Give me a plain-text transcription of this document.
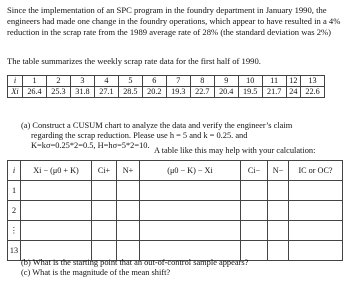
Since the implementation of an SPC program in the foundry department in January 1990, the engineers had made one change in the foundry operations, which appear to have resulted in a 4% reduction in the scrap rate from the 1989 average rate of 28% (the standard deviation was 2%)
The table summarizes the weekly scrap rate data for the first half of 1990.
i	1	2	3	4	5	6	7	8	9	10	11	12	13
Xi	26.4	25.3	31.8	27.1	28.5	20.2	19.3	22.7	20.4	19.5	21.7	24	22.6
(a) Construct a CUSUM chart to analyze the data and verify the engineer’s claim
regarding the scrap reduction. Please use h = 5 and k = 0.25. and
K=kσ=0.25*2=0.5, H=hσ=5*2=10.
A table like this may help with your calculation:
i	Xi − (μ0 + K)	Ci+	N+	(μ0 − K) − Xi	Ci−	N−	IC or OC?
1							
2							
⋮							
13							
(b) What is the starting point that an out-of-control sample appears?
(c) What is the magnitude of the mean shift?
